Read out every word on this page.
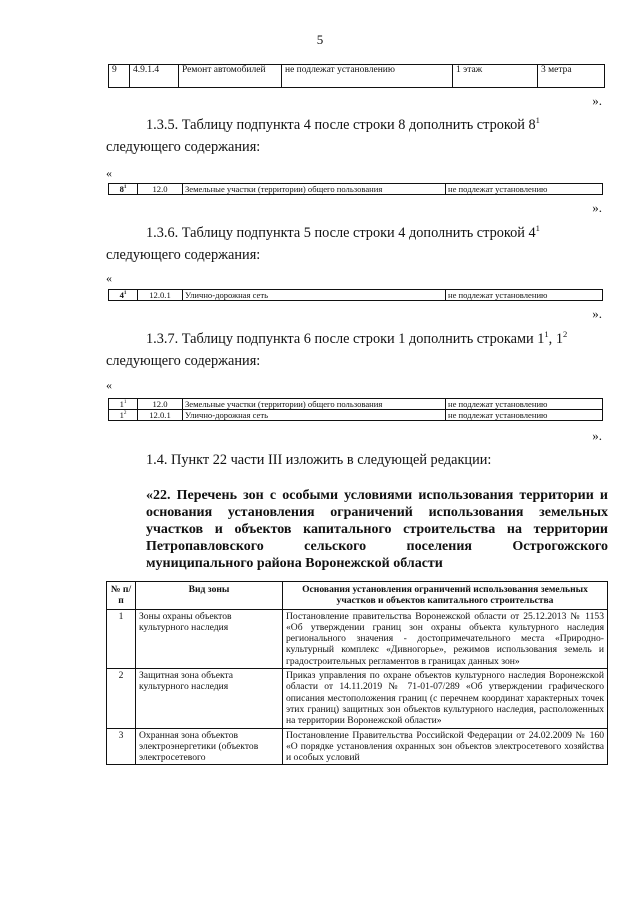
5
9	4.9.1.4	Ремонт автомобилей	не подлежат установлению	1 этаж	3 метра
».
1.3.5. Таблицу подпункта 4 после строки 8 дополнить строкой $8^1$
следующего содержания:
«
$8^1$	12.0	Земельные участки (территории) общего пользования	не подлежат установлению
».
1.3.6. Таблицу подпункта 5 после строки 4 дополнить строкой $4^1$
следующего содержания:
«
$4^1$	12.0.1	Улично-дорожная сеть	не подлежат установлению
».
1.3.7. Таблицу подпункта 6 после строки 1 дополнить строками $1^1$, $1^2$
следующего содержания:
«
$1^1$	12.0	Земельные участки (территории) общего пользования	не подлежат установлению
$1^2$	12.0.1	Улично-дорожная сеть	не подлежат установлению
».
1.4. Пункт 22 части III изложить в следующей редакции:
«22. Перечень зон с особыми условиями использования территории и основания установления ограничений использования земельных участков и объектов капитального строительства на территории Петропавловского сельского поселения Острогожского муниципального района Воронежской области
№ п/п	Вид зоны	Основания установления ограничений использования земельных участков и объектов капитального строительства
1	Зоны охраны объектов культурного наследия	Постановление правительства Воронежской области от 25.12.2013 № 1153 «Об утверждении границ зон охраны объекта культурного наследия регионального значения - достопримечательного места «Природно-культурный комплекс «Дивногорье», режимов использования земель и градостроительных регламентов в границах данных зон»
2	Защитная зона объекта культурного наследия	Приказ управления по охране объектов культурного наследия Воронежской области от 14.11.2019 № 71-01-07/289 «Об утверждении графического описания местоположения границ (с перечнем координат характерных точек этих границ) защитных зон объектов культурного наследия, расположенных на территории Воронежской области»
3	Охранная зона объектов электроэнергетики (объектов электросетевого	Постановление Правительства Российской Федерации от 24.02.2009 № 160 «О порядке установления охранных зон объектов электросетевого хозяйства и особых условий
